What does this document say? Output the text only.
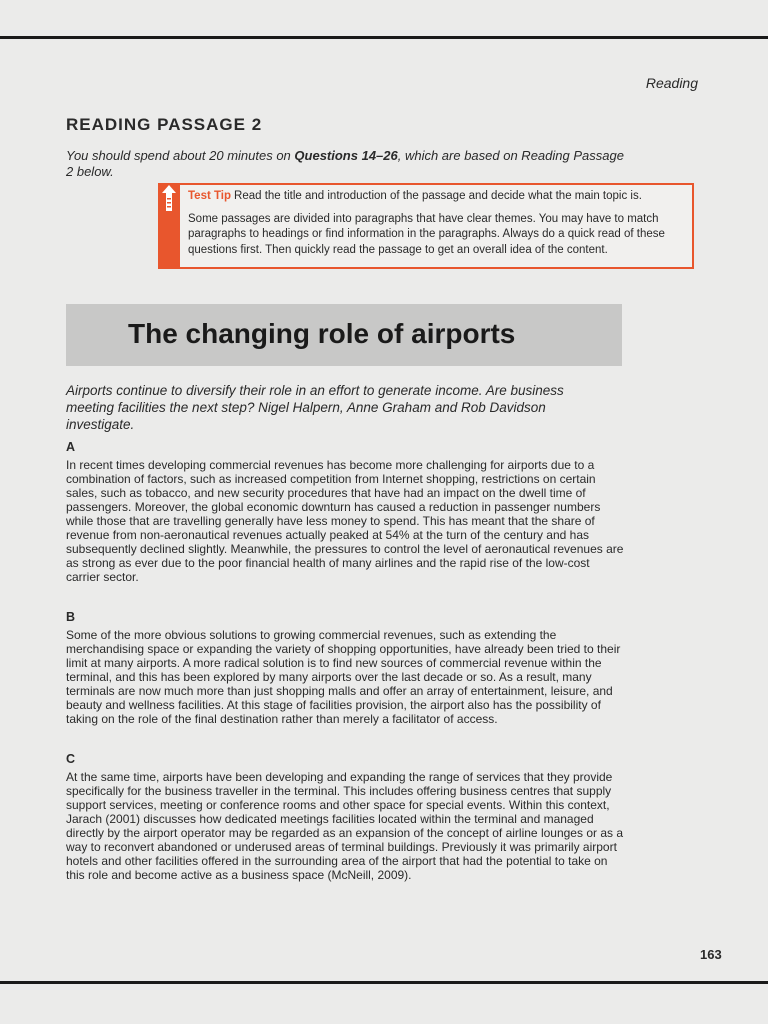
Reading
READING PASSAGE 2
You should spend about 20 minutes on Questions 14–26, which are based on Reading Passage 2 below.
Test Tip Read the title and introduction of the passage and decide what the main topic is.
Some passages are divided into paragraphs that have clear themes. You may have to match paragraphs to headings or find information in the paragraphs. Always do a quick read of these questions first. Then quickly read the passage to get an overall idea of the content.
The changing role of airports
Airports continue to diversify their role in an effort to generate income. Are business meeting facilities the next step? Nigel Halpern, Anne Graham and Rob Davidson investigate.
A
In recent times developing commercial revenues has become more challenging for airports due to a combination of factors, such as increased competition from Internet shopping, restrictions on certain sales, such as tobacco, and new security procedures that have had an impact on the dwell time of passengers. Moreover, the global economic downturn has caused a reduction in passenger numbers while those that are travelling generally have less money to spend. This has meant that the share of revenue from non-aeronautical revenues actually peaked at 54% at the turn of the century and has subsequently declined slightly. Meanwhile, the pressures to control the level of aeronautical revenues are as strong as ever due to the poor financial health of many airlines and the rapid rise of the low-cost carrier sector.
B
Some of the more obvious solutions to growing commercial revenues, such as extending the merchandising space or expanding the variety of shopping opportunities, have already been tried to their limit at many airports. A more radical solution is to find new sources of commercial revenue within the terminal, and this has been explored by many airports over the last decade or so. As a result, many terminals are now much more than just shopping malls and offer an array of entertainment, leisure, and beauty and wellness facilities. At this stage of facilities provision, the airport also has the possibility of taking on the role of the final destination rather than merely a facilitator of access.
C
At the same time, airports have been developing and expanding the range of services that they provide specifically for the business traveller in the terminal. This includes offering business centres that supply support services, meeting or conference rooms and other space for special events. Within this context, Jarach (2001) discusses how dedicated meetings facilities located within the terminal and managed directly by the airport operator may be regarded as an expansion of the concept of airline lounges or as a way to reconvert abandoned or underused areas of terminal buildings. Previously it was primarily airport hotels and other facilities offered in the surrounding area of the airport that had the potential to take on this role and become active as a business space (McNeill, 2009).
163
